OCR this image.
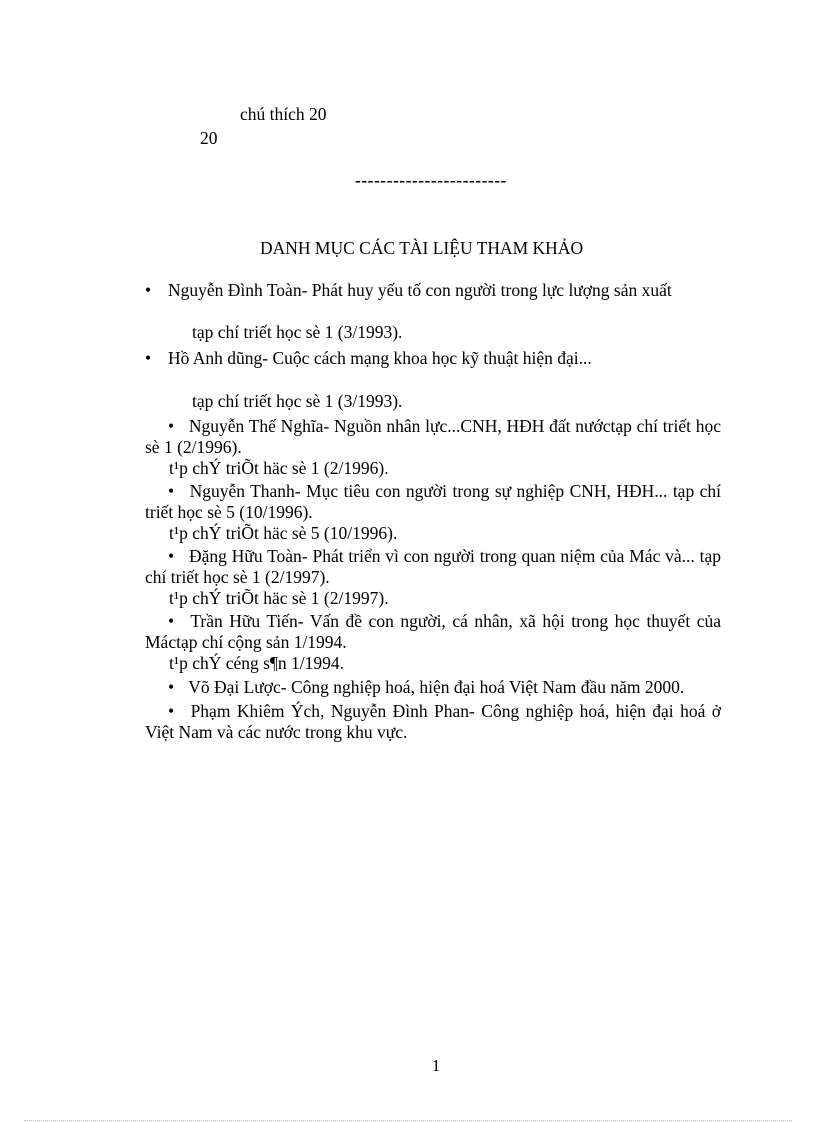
chú thích 20
20
------------------------
DANH MỤC CÁC TÀI LIỆU THAM KHẢO
• Nguyễn Đình Toàn- Phát huy yếu tố con người trong lực lượng sản xuất
tạp chí triết học sè 1 (3/1993).
• Hồ Anh dũng- Cuộc cách mạng khoa học kỹ thuật hiện đại...
tạp chí triết học sè 1 (3/1993).
• Nguyễn Thế Nghĩa- Nguồn nhân lực...CNH, HĐH đất nướctạp chí triết học sè 1 (2/1996).
t¹p chÝ triÕt häc sè 1 (2/1996).
• Nguyễn Thanh- Mục tiêu con người trong sự nghiệp CNH, HĐH... tạp chí triết học sè 5 (10/1996).
t¹p chÝ triÕt häc sè 5 (10/1996).
• Đặng Hữu Toàn- Phát triển vì con người trong quan niệm của Mác và... tạp chí triết học sè 1 (2/1997).
t¹p chÝ triÕt häc sè 1 (2/1997).
• Trần Hữu Tiến- Vấn đề con người, cá nhân, xã hội trong học thuyết của Máctạp chí cộng sản 1/1994.
t¹p chÝ céng s¶n 1/1994.
• Võ Đại Lược- Công nghiệp hoá, hiện đại hoá Việt Nam đầu năm 2000.
• Phạm Khiêm Ých, Nguyễn Đình Phan- Công nghiệp hoá, hiện đại hoá ở Việt Nam và các nước trong khu vực.
1
